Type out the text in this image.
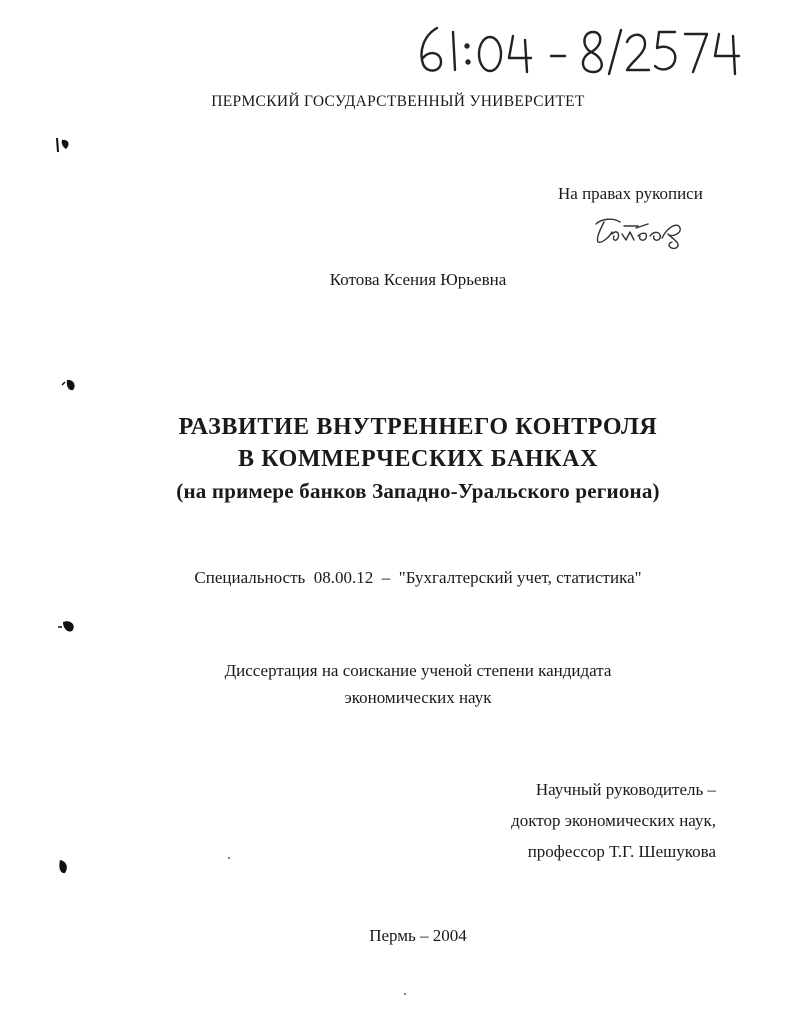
ПЕРМСКИЙ ГОСУДАРСТВЕННЫЙ УНИВЕРСИТЕТ
На правах рукописи
Котова Ксения Юрьевна
РАЗВИТИЕ ВНУТРЕННЕГО КОНТРОЛЯ
В КОММЕРЧЕСКИХ БАНКАХ
(на примере банков Западно-Уральского региона)
Специальность  08.00.12  –  "Бухгалтерский учет, статистика"
Диссертация на соискание ученой степени кандидата
экономических наук
Научный руководитель –
доктор экономических наук,
профессор Т.Г. Шешукова
Пермь – 2004
